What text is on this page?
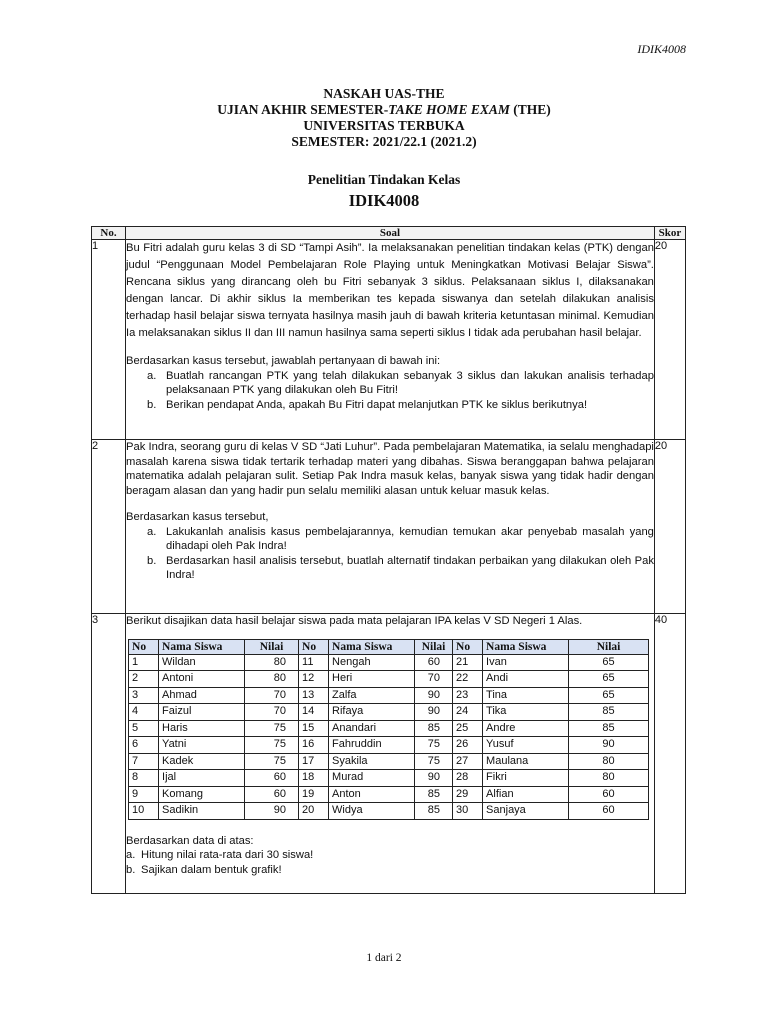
IDIK4008
NASKAH UAS-THE
UJIAN AKHIR SEMESTER-TAKE HOME EXAM (THE)
UNIVERSITAS TERBUKA
SEMESTER: 2021/22.1 (2021.2)
Penelitian Tindakan Kelas
IDIK4008
No.	Soal	Skor
1	Bu Fitri adalah guru kelas 3 di SD “Tampi Asih”. Ia melaksanakan penelitian tindakan kelas (PTK) dengan judul “Penggunaan Model Pembelajaran Role Playing untuk Meningkatkan Motivasi Belajar Siswa”. Rencana siklus yang dirancang oleh bu Fitri sebanyak 3 siklus. Pelaksanaan siklus I, dilaksanakan dengan lancar. Di akhir siklus Ia memberikan tes kepada siswanya dan setelah dilakukan analisis terhadap hasil belajar siswa ternyata hasilnya masih jauh di bawah kriteria ketuntasan minimal. Kemudian Ia melaksanakan siklus II dan III namun hasilnya sama seperti siklus I tidak ada perubahan hasil belajar.

Berdasarkan kasus tersebut, jawablah pertanyaan di bawah ini:

a. Buatlah rancangan PTK yang telah dilakukan sebanyak 3 siklus dan lakukan analisis terhadap pelaksanaan PTK yang dilakukan oleh Bu Fitri!
b. Berikan pendapat Anda, apakah Bu Fitri dapat melanjutkan PTK ke siklus berikutnya!
	20
2	Pak Indra, seorang guru di kelas V SD “Jati Luhur”. Pada pembelajaran Matematika, ia selalu menghadapi masalah karena siswa tidak tertarik terhadap materi yang dibahas. Siswa beranggapan bahwa pelajaran matematika adalah pelajaran sulit. Setiap Pak Indra masuk kelas, banyak siswa yang tidak hadir dengan beragam alasan dan yang hadir pun selalu memiliki alasan untuk keluar masuk kelas.

Berdasarkan kasus tersebut,

a. Lakukanlah analisis kasus pembelajarannya, kemudian temukan akar penyebab masalah yang dihadapi oleh Pak Indra!
b. Berdasarkan hasil analisis tersebut, buatlah alternatif tindakan perbaikan yang dilakukan oleh Pak Indra!
	20
3	Berikut disajikan data hasil belajar siswa pada mata pelajaran IPA kelas V SD Negeri 1 Alas.

No	Nama Siswa	Nilai	No	Nama Siswa	Nilai	No	Nama Siswa	Nilai
1	Wildan	80	11	Nengah	60	21	Ivan	65
2	Antoni	80	12	Heri	70	22	Andi	65
3	Ahmad	70	13	Zalfa	90	23	Tina	65
4	Faizul	70	14	Rifaya	90	24	Tika	85
5	Haris	75	15	Anandari	85	25	Andre	85
6	Yatni	75	16	Fahruddin	75	26	Yusuf	90
7	Kadek	75	17	Syakila	75	27	Maulana	80
8	Ijal	60	18	Murad	90	28	Fikri	80
9	Komang	60	19	Anton	85	29	Alfian	60
10	Sadikin	90	20	Widya	85	30	Sanjaya	60

Berdasarkan data di atas:

a. Hitung nilai rata-rata dari 30 siswa!
b. Sajikan dalam bentuk grafik!
	40
1 dari 2
